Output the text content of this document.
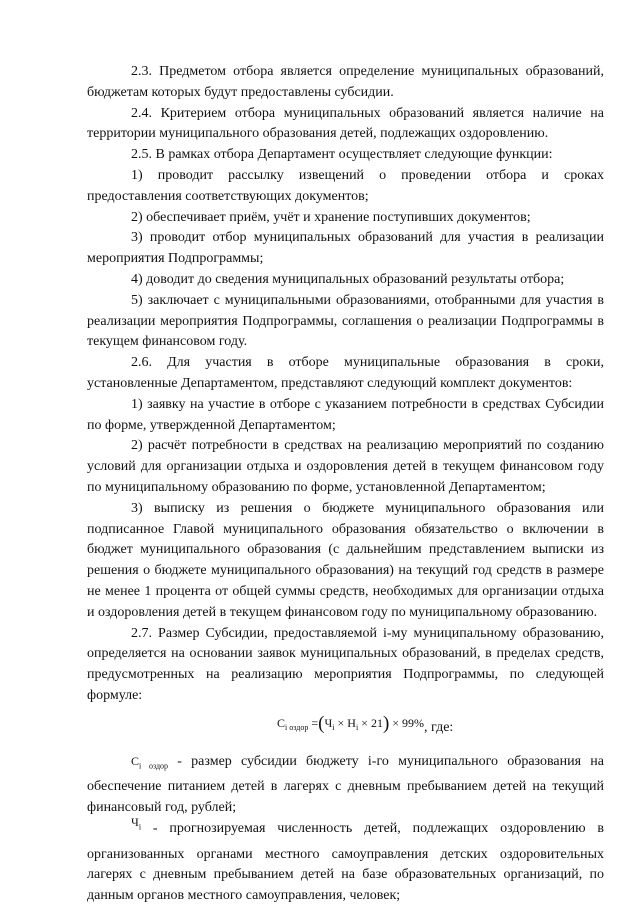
2.3. Предметом отбора является определение муниципальных образований, бюджетам которых будут предоставлены субсидии.

2.4. Критерием отбора муниципальных образований является наличие на территории муниципального образования детей, подлежащих оздоровлению.

2.5. В рамках отбора Департамент осуществляет следующие функции:

1) проводит рассылку извещений о проведении отбора и сроках предоставления соответствующих документов;

2) обеспечивает приём, учёт и хранение поступивших документов;

3) проводит отбор муниципальных образований для участия в реализации мероприятия Подпрограммы;

4) доводит до сведения муниципальных образований результаты отбора;

5) заключает с муниципальными образованиями, отобранными для участия в реализации мероприятия Подпрограммы, соглашения о реализации Подпрограммы в текущем финансовом году.

2.6. Для участия в отборе муниципальные образования в сроки, установленные Департаментом, представляют следующий комплект документов:

1) заявку на участие в отборе с указанием потребности в средствах Субсидии по форме, утвержденной Департаментом;

2) расчёт потребности в средствах на реализацию мероприятий по созданию условий для организации отдыха и оздоровления детей в текущем финансовом году по муниципальному образованию по форме, установленной Департаментом;

3) выписку из решения о бюджете муниципального образования или подписанное Главой муниципального образования обязательство о включении в бюджет муниципального образования (с дальнейшим представлением выписки из решения о бюджете муниципального образования) на текущий год средств в размере не менее 1 процента от общей суммы средств, необходимых для организации отдыха и оздоровления детей в текущем финансовом году по муниципальному образованию.

2.7. Размер Субсидии, предоставляемой i-му муниципальному образованию, определяется на основании заявок муниципальных образований, в пределах средств, предусмотренных на реализацию мероприятия Подпрограммы, по следующей формуле:

$C_{i оздор} =(Ч_i \times Н_i \times 21) \times 99\%$, где:

$C_{i оздор}$ - размер субсидии бюджету i-го муниципального образования на обеспечение питанием детей в лагерях с дневным пребыванием детей на текущий финансовый год, рублей;

$Ч_i$ - прогнозируемая численность детей, подлежащих оздоровлению в организованных органами местного самоуправления детских оздоровительных лагерях с дневным пребыванием детей на базе образовательных организаций, по данным органов местного самоуправления, человек;
